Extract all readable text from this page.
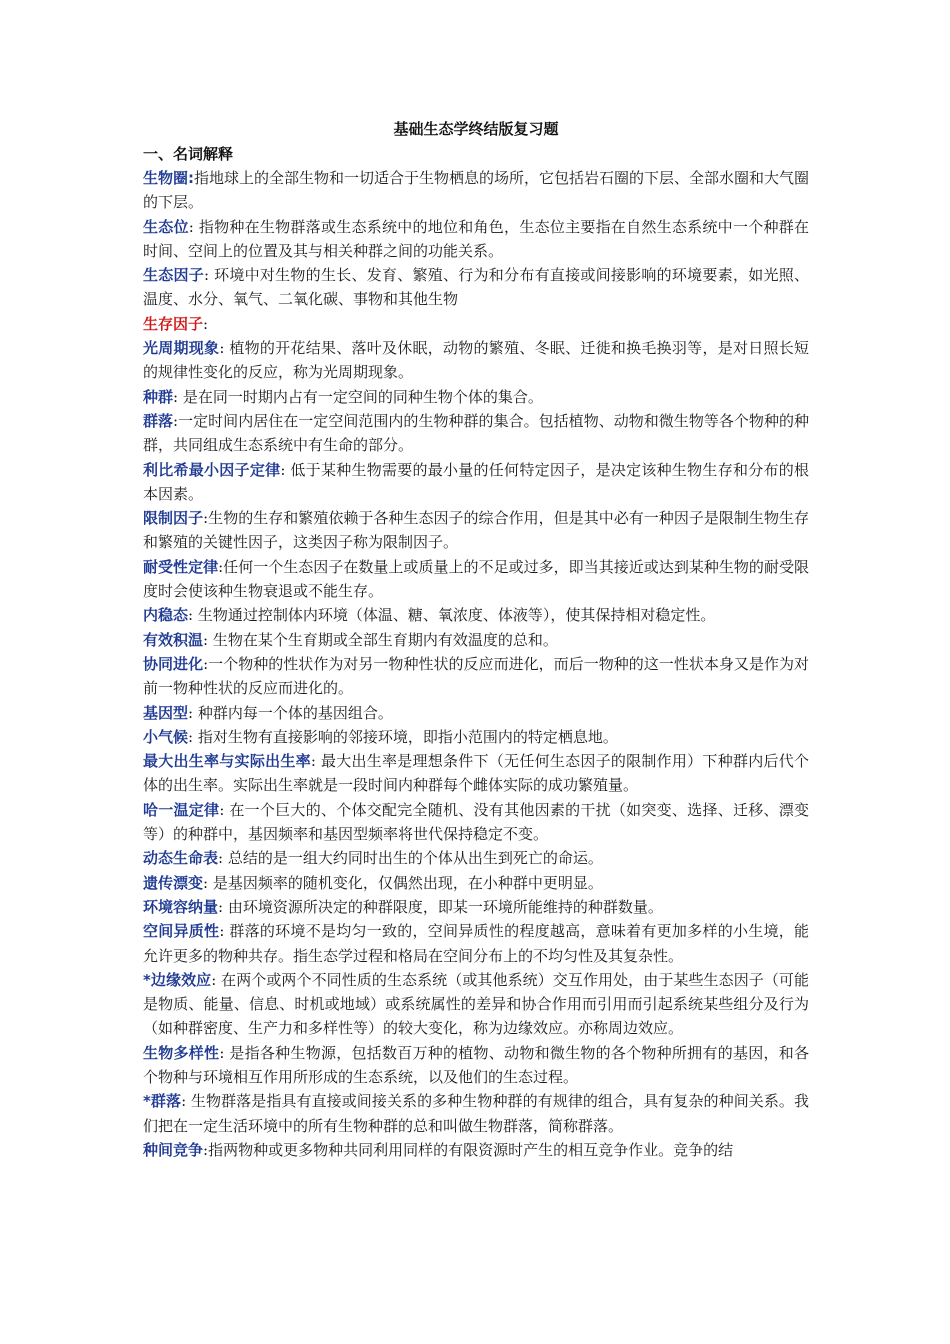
基础生态学终结版复习题
一、名词解释

生物圈:指地球上的全部生物和一切适合于生物栖息的场所，它包括岩石圈的下层、全部水圈和大气圈的下层。

生态位: 指物种在生物群落或生态系统中的地位和角色，生态位主要指在自然生态系统中一个种群在时间、空间上的位置及其与相关种群之间的功能关系。

生态因子: 环境中对生物的生长、发育、繁殖、行为和分布有直接或间接影响的环境要素，如光照、温度、水分、氧气、二氧化碳、事物和其他生物

生存因子:

光周期现象: 植物的开花结果、落叶及休眠，动物的繁殖、冬眠、迁徙和换毛换羽等，是对日照长短的规律性变化的反应，称为光周期现象。

种群: 是在同一时期内占有一定空间的同种生物个体的集合。

群落:一定时间内居住在一定空间范围内的生物种群的集合。包括植物、动物和微生物等各个物种的种群，共同组成生态系统中有生命的部分。

利比希最小因子定律: 低于某种生物需要的最小量的任何特定因子，是决定该种生物生存和分布的根本因素。

限制因子:生物的生存和繁殖依赖于各种生态因子的综合作用，但是其中必有一种因子是限制生物生存和繁殖的关键性因子，这类因子称为限制因子。

耐受性定律:任何一个生态因子在数量上或质量上的不足或过多，即当其接近或达到某种生物的耐受限度时会使该种生物衰退或不能生存。

内稳态: 生物通过控制体内环境（体温、糖、氧浓度、体液等），使其保持相对稳定性。

有效积温: 生物在某个生育期或全部生育期内有效温度的总和。

协同进化:一个物种的性状作为对另一物种性状的反应而进化，而后一物种的这一性状本身又是作为对前一物种性状的反应而进化的。

基因型: 种群内每一个体的基因组合。

小气候: 指对生物有直接影响的邻接环境，即指小范围内的特定栖息地。

最大出生率与实际出生率: 最大出生率是理想条件下（无任何生态因子的限制作用）下种群内后代个体的出生率。实际出生率就是一段时间内种群每个雌体实际的成功繁殖量。

哈一温定律: 在一个巨大的、个体交配完全随机、没有其他因素的干扰（如突变、选择、迁移、漂变等）的种群中，基因频率和基因型频率将世代保持稳定不变。

动态生命表: 总结的是一组大约同时出生的个体从出生到死亡的命运。

遗传漂变: 是基因频率的随机变化，仅偶然出现，在小种群中更明显。

环境容纳量: 由环境资源所决定的种群限度，即某一环境所能维持的种群数量。

空间异质性: 群落的环境不是均匀一致的，空间异质性的程度越高，意味着有更加多样的小生境，能允许更多的物种共存。指生态学过程和格局在空间分布上的不均匀性及其复杂性。

*边缘效应: 在两个或两个不同性质的生态系统（或其他系统）交互作用处，由于某些生态因子（可能是物质、能量、信息、时机或地域）或系统属性的差异和协合作用而引用而引起系统某些组分及行为（如种群密度、生产力和多样性等）的较大变化，称为边缘效应。亦称周边效应。

生物多样性: 是指各种生物源，包括数百万种的植物、动物和微生物的各个物种所拥有的基因，和各个物种与环境相互作用所形成的生态系统，以及他们的生态过程。

*群落: 生物群落是指具有直接或间接关系的多种生物种群的有规律的组合，具有复杂的种间关系。我们把在一定生活环境中的所有生物种群的总和叫做生物群落，简称群落。

种间竞争:指两物种或更多物种共同利用同样的有限资源时产生的相互竞争作业。竞争的结
